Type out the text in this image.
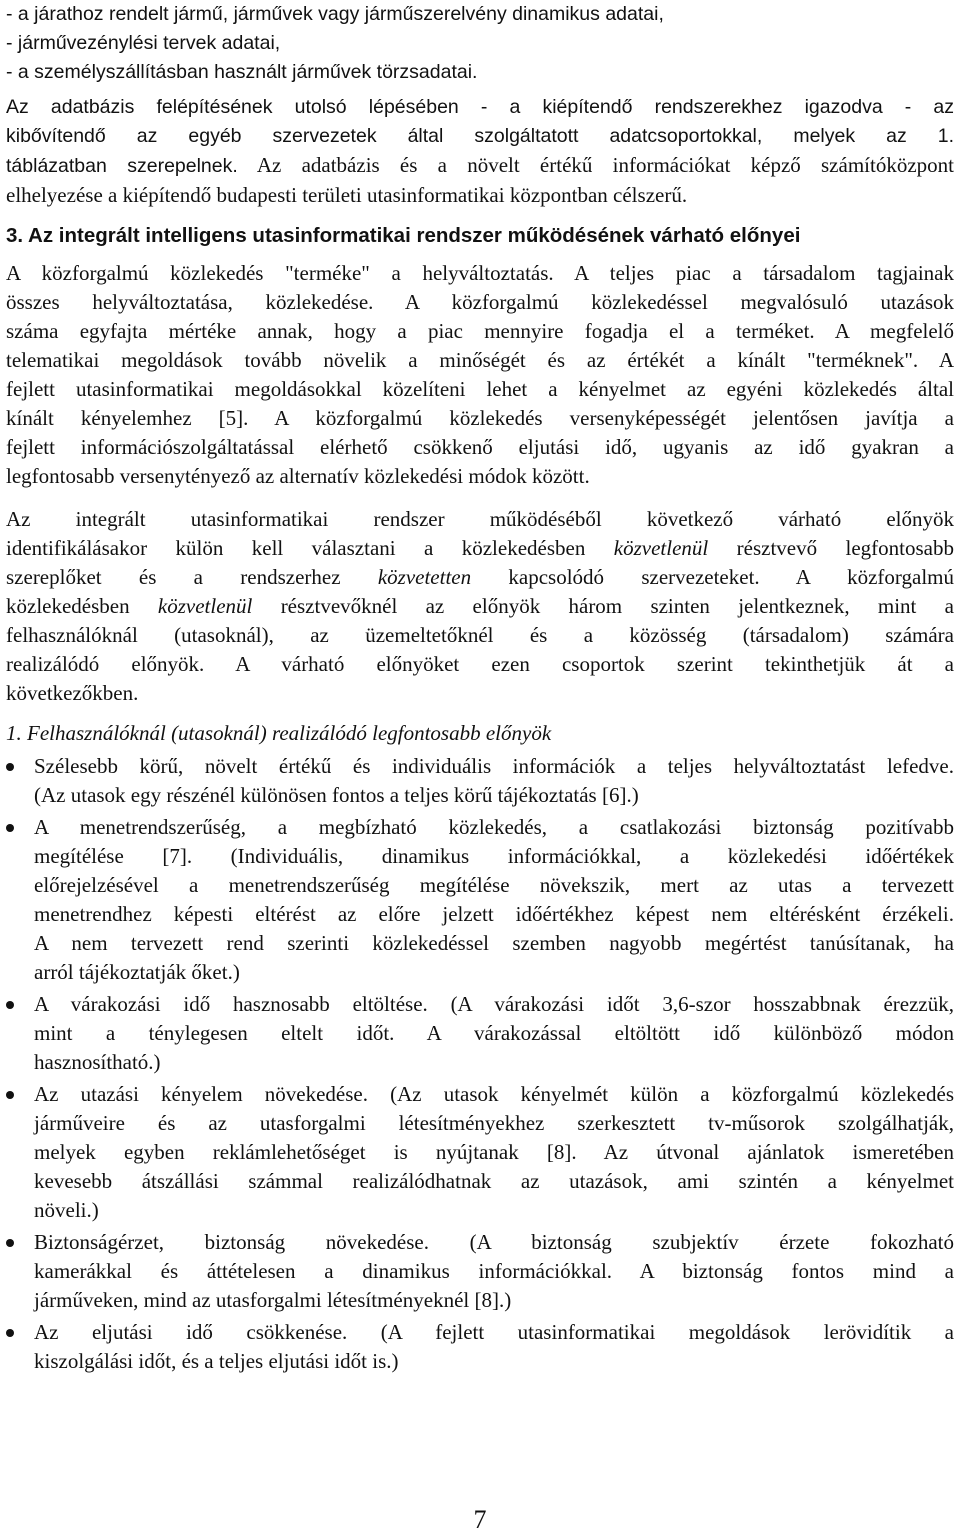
- a járathoz rendelt jármű, járművek vagy járműszerelvény dinamikus adatai,
- járművezénylési tervek adatai,
- a személyszállításban használt járművek törzsadatai.
Az adatbázis felépítésének utolsó lépésében - a kiépítendő rendszerekhez igazodva - az
kibővítendő az egyéb szervezetek által szolgáltatott adatcsoportokkal, melyek az 1.
táblázatban szerepelnek. Az adatbázis és a növelt értékű információkat képző számítóközpont
elhelyezése a kiépítendő budapesti területi utasinformatikai központban célszerű.
3. Az integrált intelligens utasinformatikai rendszer működésének várható előnyei
A közforgalmú közlekedés "terméke" a helyváltoztatás. A teljes piac a társadalom tagjainak
összes helyváltoztatása, közlekedése. A közforgalmú közlekedéssel megvalósuló utazások
száma egyfajta mértéke annak, hogy a piac mennyire fogadja el a terméket. A megfelelő
telematikai megoldások tovább növelik a minőségét és az értékét a kínált "terméknek". A
fejlett utasinformatikai megoldásokkal közelíteni lehet a kényelmet az egyéni közlekedés által
kínált kényelemhez [5]. A közforgalmú közlekedés versenyképességét jelentősen javítja a
fejlett információszolgáltatással elérhető csökkenő eljutási idő, ugyanis az idő gyakran a
legfontosabb versenytényező az alternatív közlekedési módok között.
Az integrált utasinformatikai rendszer működéséből következő várható előnyök
identifikálásakor külön kell választani a közlekedésben közvetlenül résztvevő legfontosabb
szereplőket és a rendszerhez közvetetten kapcsolódó szervezeteket. A közforgalmú
közlekedésben közvetlenül résztvevőknél az előnyök három szinten jelentkeznek, mint a
felhasználóknál (utasoknál), az üzemeltetőknél és a közösség (társadalom) számára
realizálódó előnyök. A várható előnyöket ezen csoportok szerint tekinthetjük át a
következőkben.
1. Felhasználóknál (utasoknál) realizálódó legfontosabb előnyök
Szélesebb körű, növelt értékű és individuális információk a teljes helyváltoztatást lefedve.
(Az utasok egy részénél különösen fontos a teljes körű tájékoztatás [6].)
A menetrendszerűség, a megbízható közlekedés, a csatlakozási biztonság pozitívabb
megítélése [7]. (Individuális, dinamikus információkkal, a közlekedési időértékek
előrejelzésével a menetrendszerűség megítélése növekszik, mert az utas a tervezett
menetrendhez képesti eltérést az előre jelzett időértékhez képest nem eltérésként érzékeli.
A nem tervezett rend szerinti közlekedéssel szemben nagyobb megértést tanúsítanak, ha
arról tájékoztatják őket.)
A várakozási idő hasznosabb eltöltése. (A várakozási időt 3,6-szor hosszabbnak érezzük,
mint a ténylegesen eltelt időt. A várakozással eltöltött idő különböző módon
hasznosítható.)
Az utazási kényelem növekedése. (Az utasok kényelmét külön a közforgalmú közlekedés
járműveire és az utasforgalmi létesítményekhez szerkesztett tv-műsorok szolgálhatják,
melyek egyben reklámlehetőséget is nyújtanak [8]. Az útvonal ajánlatok ismeretében
kevesebb átszállási számmal realizálódhatnak az utazások, ami szintén a kényelmet
növeli.)
Biztonságérzet, biztonság növekedése. (A biztonság szubjektív érzete fokozható
kamerákkal és áttételesen a dinamikus információkkal. A biztonság fontos mind a
járműveken, mind az utasforgalmi létesítményeknél [8].)
Az eljutási idő csökkenése. (A fejlett utasinformatikai megoldások lerövidítik a
kiszolgálási időt, és a teljes eljutási időt is.)
7
